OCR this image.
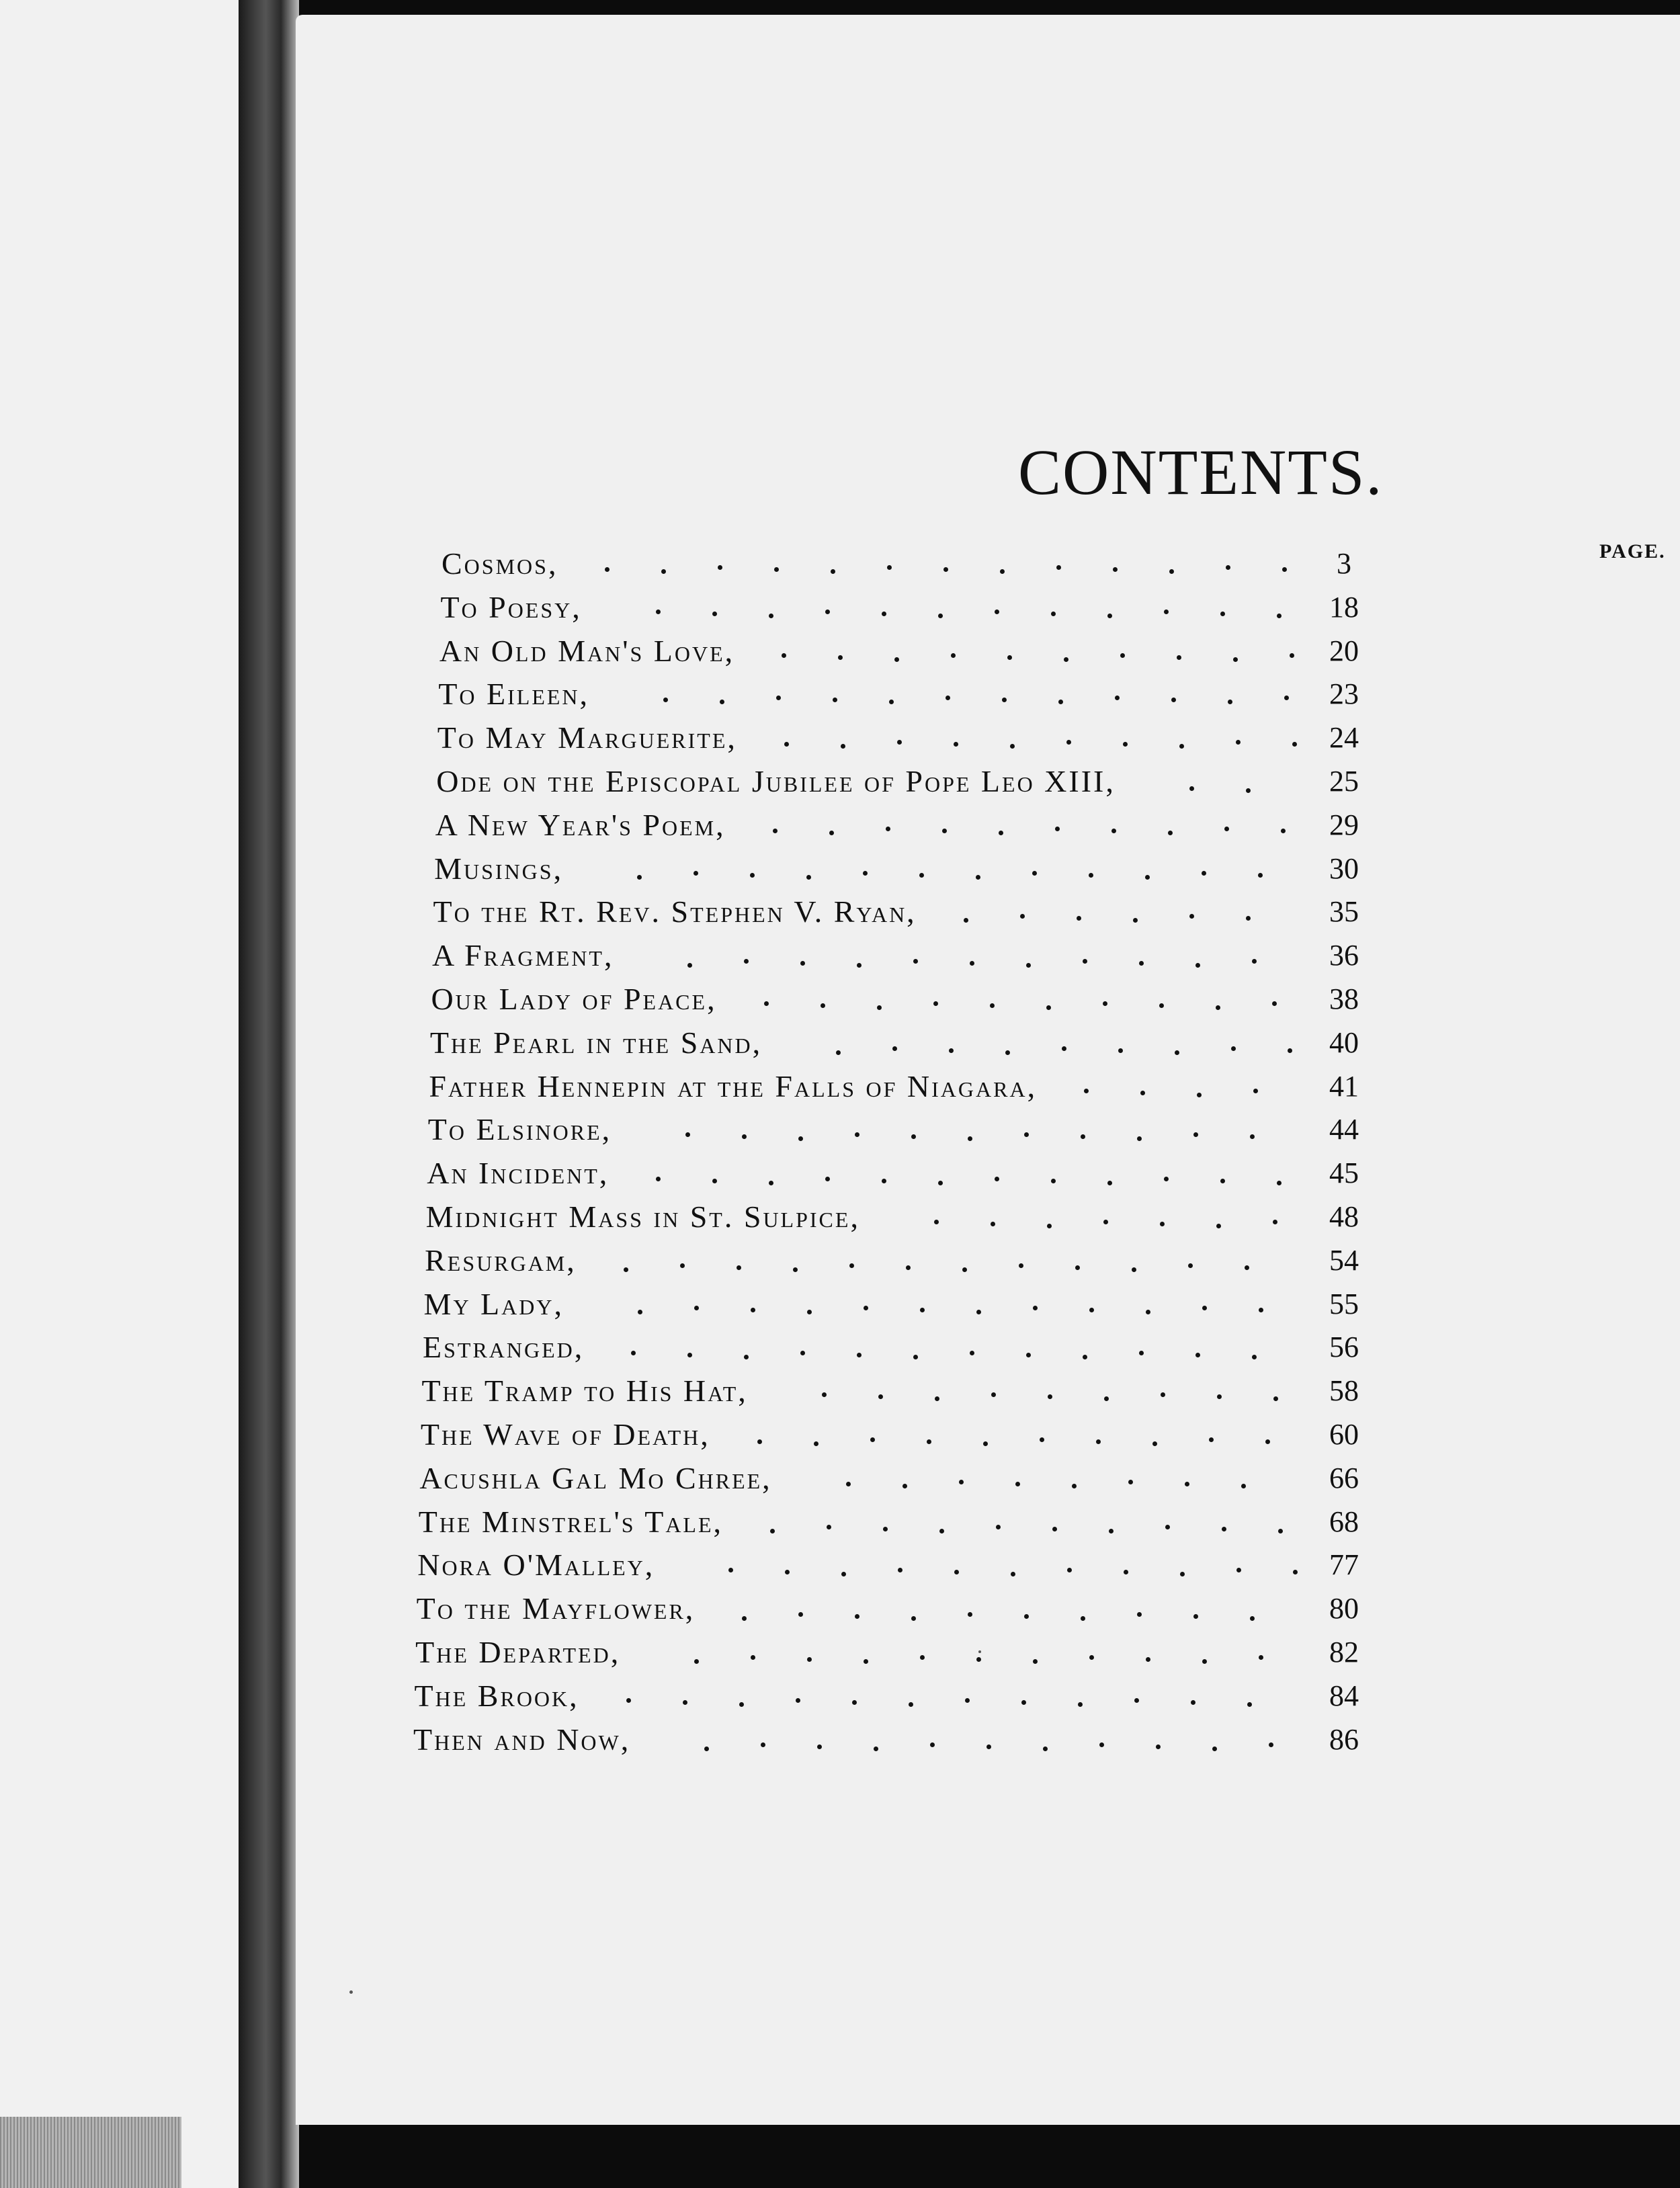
CONTENTS.
PAGE.
Cosmos,	3
To Poesy,	18
An Old Man's Love,	20
To Eileen,	23
To May Marguerite,	24
Ode on the Episcopal Jubilee of Pope Leo XIII,	25
A New Year's Poem,	29
Musings,	30
To the Rt. Rev. Stephen V. Ryan,	35
A Fragment,	36
Our Lady of Peace,	38
The Pearl in the Sand,	40
Father Hennepin at the Falls of Niagara,	41
To Elsinore,	44
An Incident,	45
Midnight Mass in St. Sulpice,	48
Resurgam,	54
My Lady,	55
Estranged,	56
The Tramp to His Hat,	58
The Wave of Death,	60
Acushla Gal Mo Chree,	66
The Minstrel's Tale,	68
Nora O'Malley,	77
To the Mayflower,	80
The Departed,	82
The Brook,	84
Then and Now,	86
